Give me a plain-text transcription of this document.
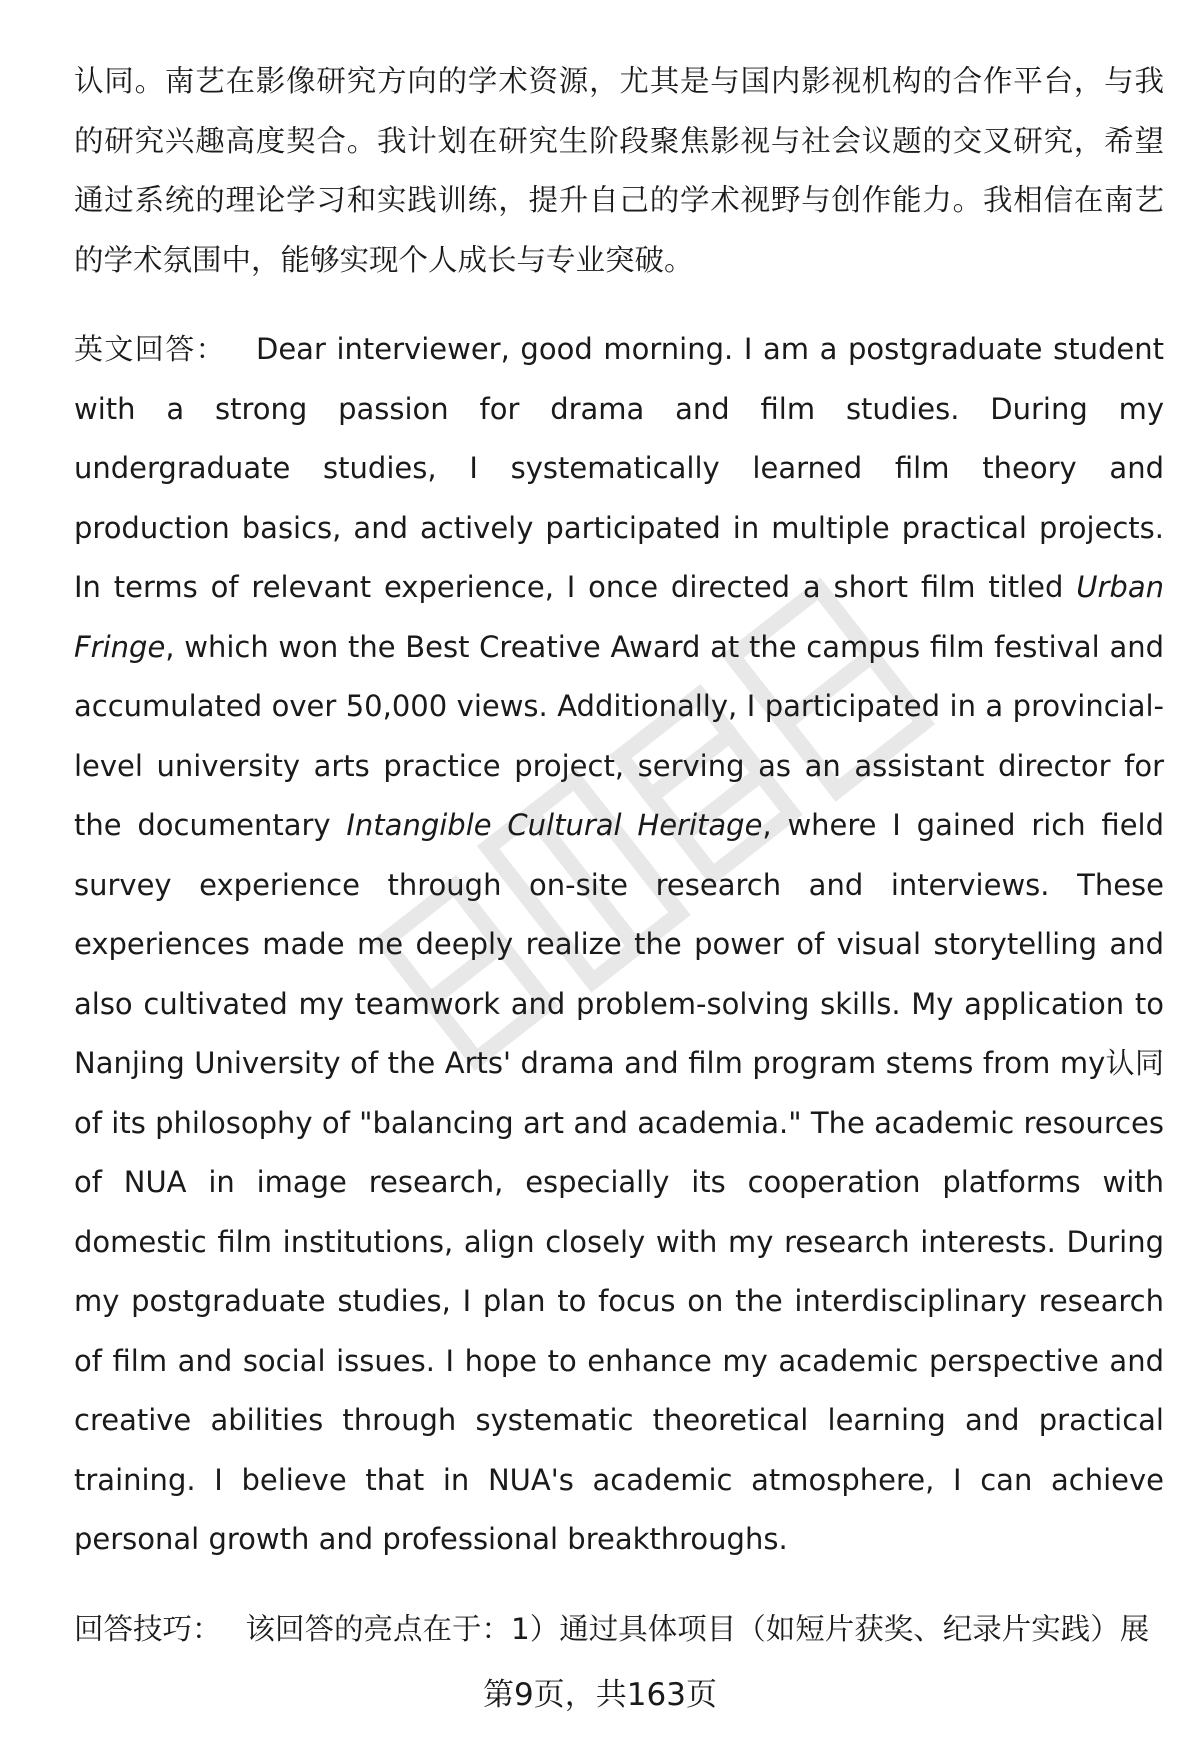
认同。南艺在影像研究方向的学术资源，尤其是与国内影视机构的合作平台，与我的研究兴趣高度契合。我计划在研究生阶段聚焦影视与社会议题的交叉研究，希望通过系统的理论学习和实践训练，提升自己的学术视野与创作能力。我相信在南艺的学术氛围中，能够实现个人成长与专业突破。

英文回答： Dear interviewer, good morning. I am a postgraduate student with a strong passion for drama and film studies. During my undergraduate studies, I systematically learned film theory and production basics, and actively participated in multiple practical projects. In terms of relevant experience, I once directed a short film titled Urban Fringe, which won the Best Creative Award at the campus film festival and accumulated over 50,000 views. Additionally, I participated in a provincial-level university arts practice project, serving as an assistant director for the documentary Intangible Cultural Heritage, where I gained rich field survey experience through on-site research and interviews. These experiences made me deeply realize the power of visual storytelling and also cultivated my teamwork and problem-solving skills. My application to Nanjing University of the Arts' drama and film program stems from my认同 of its philosophy of "balancing art and academia." The academic resources of NUA in image research, especially its cooperation platforms with domestic film institutions, align closely with my research interests. During my postgraduate studies, I plan to focus on the interdisciplinary research of film and social issues. I hope to enhance my academic perspective and creative abilities through systematic theoretical learning and practical training. I believe that in NUA's academic atmosphere, I can achieve personal growth and professional breakthroughs.

回答技巧： 该回答的亮点在于：1）通过具体项目（如短片获奖、纪录片实践）展

第9页，共163页
